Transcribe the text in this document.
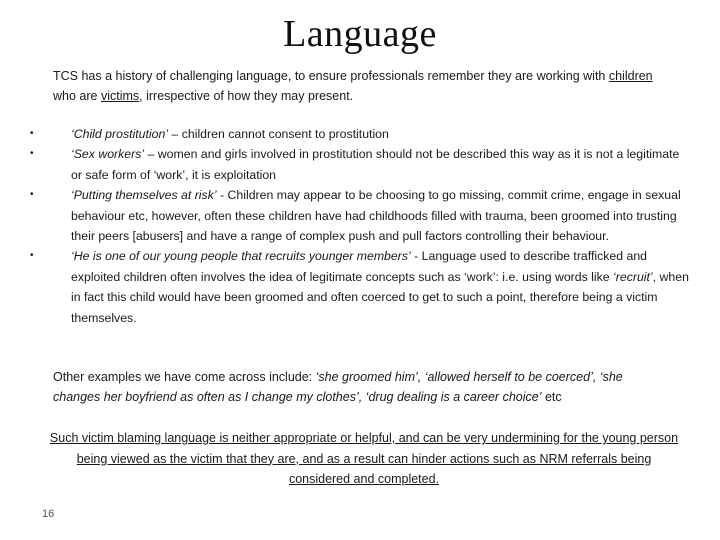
Language
TCS has a history of challenging language, to ensure professionals remember they are working with children who are victims, irrespective of how they may present.
•	‘Child prostitution’ – children cannot consent to prostitution
•	‘Sex workers’ – women and girls involved in prostitution should not be described this way as it is not a legitimate or safe form of ‘work’, it is exploitation
•	‘Putting themselves at risk’ - Children may appear to be choosing to go missing, commit crime, engage in sexual behaviour etc, however, often these children have had childhoods filled with trauma, been groomed into trusting their peers [abusers] and have a range of complex push and pull factors controlling their behaviour.
•	‘He is one of our young people that recruits younger members’ - Language used to describe trafficked and exploited children often involves the idea of legitimate concepts such as ‘work’: i.e. using words like ‘recruit’, when in fact this child would have been groomed and often coerced to get to such a point, therefore being a victim themselves.
Other examples we have come across include: ‘she groomed him’, ‘allowed herself to be coerced’, ‘she changes her boyfriend as often as I change my clothes’, ‘drug dealing is a career choice’ etc
Such victim blaming language is neither appropriate or helpful, and can be very undermining for the young person being viewed as the victim that they are, and as a result can hinder actions such as NRM referrals being considered and completed.
16
